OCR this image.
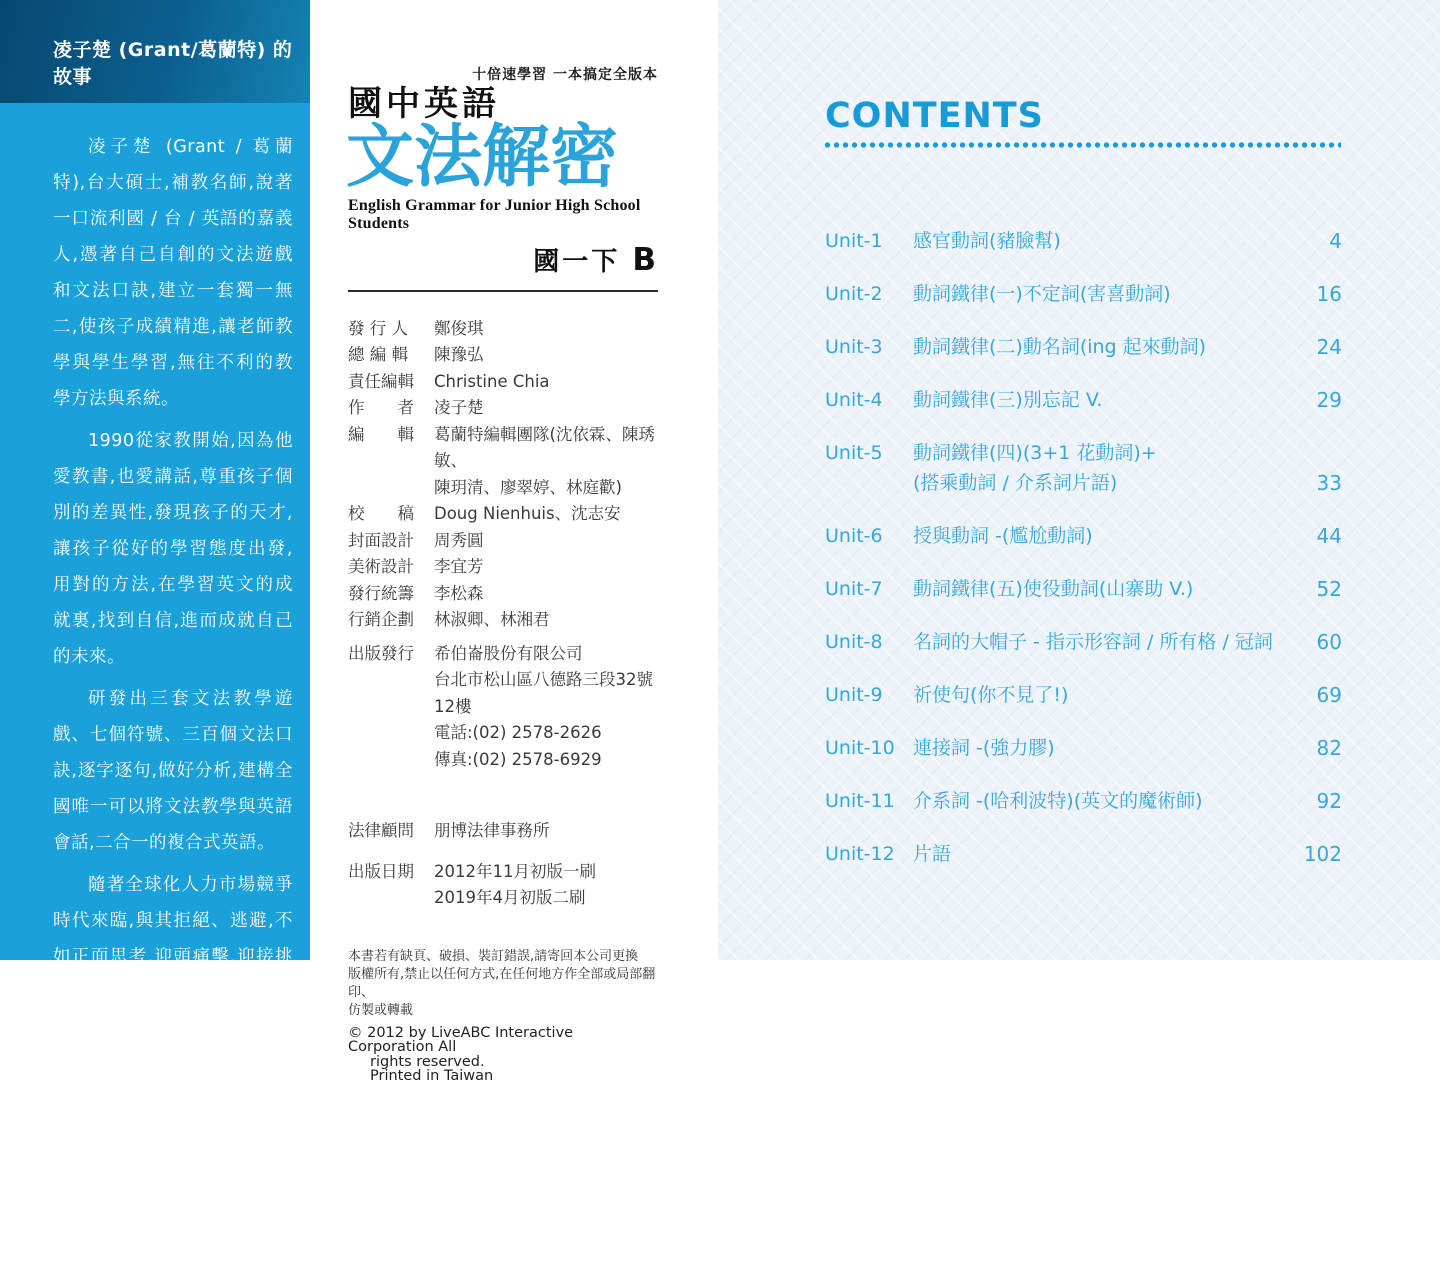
凌子楚 (Grant/葛蘭特) 的故事

凌子楚 (Grant / 葛蘭特),台大碩士,補教名師,說著一口流利國 / 台 / 英語的嘉義人,憑著自己自創的文法遊戲和文法口訣,建立一套獨一無二,使孩子成績精進,讓老師教學與學生學習,無往不利的教學方法與系統。

1990從家教開始,因為他愛教書,也愛講話,尊重孩子個別的差異性,發現孩子的天才,讓孩子從好的學習態度出發,用對的方法,在學習英文的成就裏,找到自信,進而成就自己的未來。

研發出三套文法教學遊戲、七個符號、三百個文法口訣,逐字逐句,做好分析,建構全國唯一可以將文法教學與英語會話,二合一的複合式英語。

隨著全球化人力市場競爭時代來臨,與其拒絕、逃避,不如正面思考,迎頭痛擊,迎接挑戰。

語言是創意的象徵。因為,語言背後是文化,文化多元,創意無限。在知識經濟的年代,不只要讓孩子快樂學習英語,更要用對的方法,讓孩子從考試高分中,奠定走向世界的移動能力。

十倍速學習 一本搞定全版本
國中英語
文法解密
English Grammar for Junior High School Students
國一下 B
發 行 人	鄭俊琪
總 編 輯	陳豫弘
責任編輯 Christine Chia
作　　者 凌子楚
編　　輯 葛蘭特編輯團隊(沈依霖、陳琇敏、
陳玥清、廖翠婷、林庭歡)
校　　稿 Doug Nienhuis、沈志安
封面設計 周秀圓
美術設計 李宜芳
發行統籌 李松森
行銷企劃 林淑卿、林湘君
出版發行 希伯崙股份有限公司
台北市松山區八德路三段32號12樓
電話:(02) 2578-2626
傳真:(02) 2578-6929
法律顧問 朋博法律事務所
出版日期 2012年11月初版一刷
2019年4月初版二刷
本書若有缺頁、破損、裝訂錯誤,請寄回本公司更換
版權所有,禁止以任何方式,在任何地方作全部或局部翻印、
仿製或轉載
© 2012 by LiveABC Interactive Corporation All
rights reserved.
Printed in Taiwan
CONTENTS
Unit-1	感官動詞(豬臉幫)	4
Unit-2	動詞鐵律(一)不定詞(害喜動詞)	16
Unit-3	動詞鐵律(二)動名詞(ing 起來動詞)	24
Unit-4	動詞鐵律(三)別忘記 V.	29
Unit-5	動詞鐵律(四)(3+1 花動詞)+
(搭乘動詞 / 介系詞片語)	33
Unit-6	授與動詞 -(尷尬動詞)	44
Unit-7	動詞鐵律(五)使役動詞(山寨助 V.)	52
Unit-8	名詞的大帽子 - 指示形容詞 / 所有格 / 冠詞	60
Unit-9	祈使句(你不見了!)	69
Unit-10 連接詞 -(強力膠)	82
Unit-11 介系詞 -(哈利波特)(英文的魔術師)	92
Unit-12 片語	102
